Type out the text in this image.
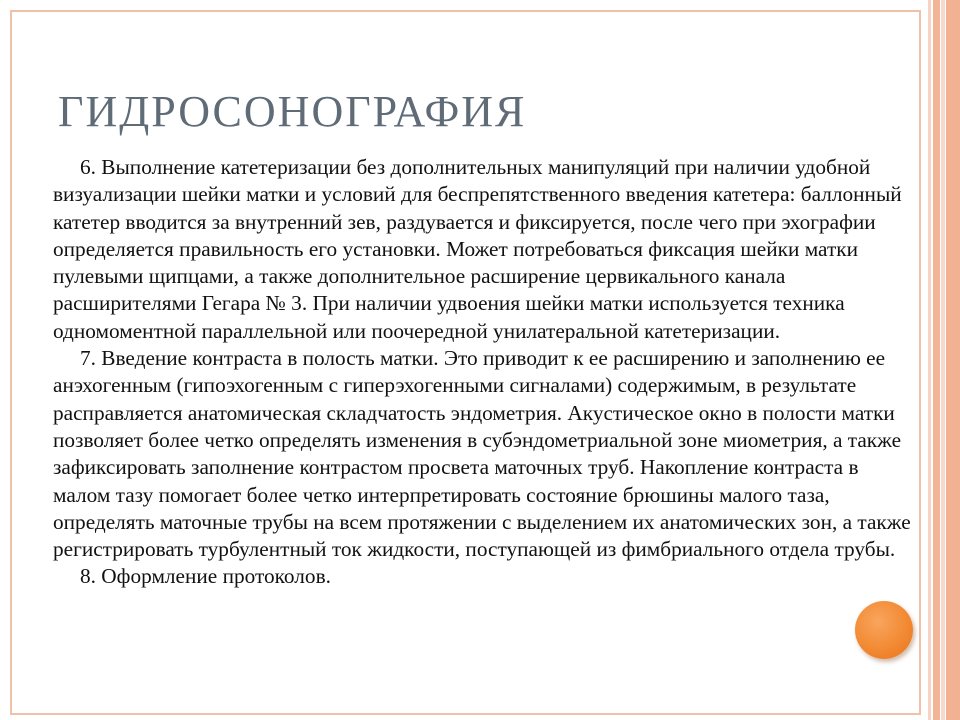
ГИДРОСОНОГРАФИЯ

6. Выполнение катетеризации без дополнительных манипуляций при наличии удобной визуализации шейки матки и условий для беспрепятственного введения катетера: баллонный катетер вводится за внутренний зев, раздувается и фиксируется, после чего при эхографии определяется правильность его установки. Может потребоваться фиксация шейки матки пулевыми щипцами, а также дополнительное расширение цервикального канала расширителями Гегара № 3. При наличии удвоения шейки матки используется техника одномоментной параллельной или поочередной унилатеральной катетеризации.

7. Введение контраста в полость матки. Это приводит к ее расширению и заполнению ее анэхогенным (гипоэхогенным с гиперэхогенными сигналами) содержимым, в результате расправляется анатомическая складчатость эндометрия. Акустическое окно в полости матки позволяет более четко определять изменения в субэндометриальной зоне миометрия, а также зафиксировать заполнение контрастом просвета маточных труб. Накопление контраста в малом тазу помогает более четко интерпретировать состояние брюшины малого таза, определять маточные трубы на всем протяжении с выделением их анатомических зон, а также регистрировать турбулентный ток жидкости, поступающей из фимбриального отдела трубы.

8. Оформление протоколов.
